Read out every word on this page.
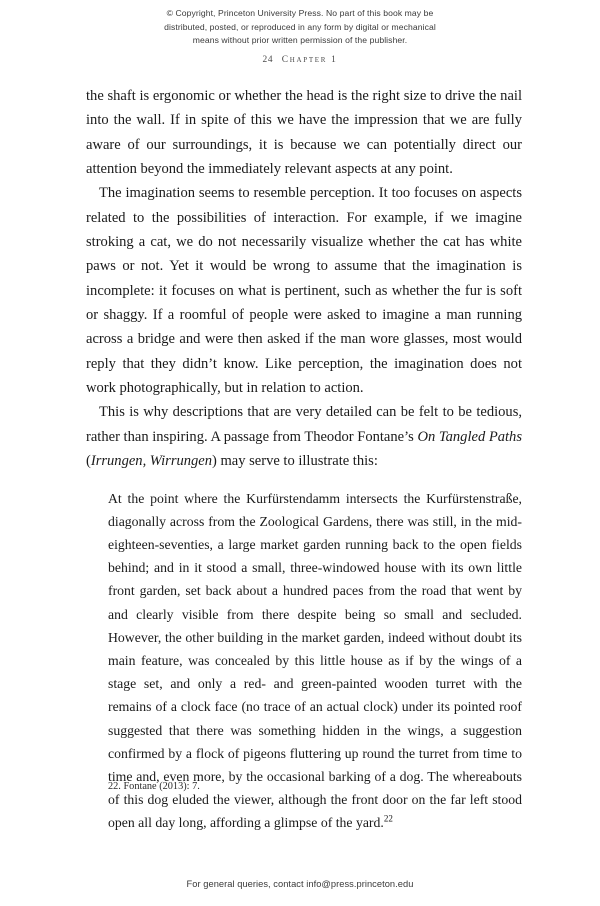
© Copyright, Princeton University Press. No part of this book may be
distributed, posted, or reproduced in any form by digital or mechanical
means without prior written permission of the publisher.
24 Chapter 1

the shaft is ergonomic or whether the head is the right size to drive the nail into the wall. If in spite of this we have the impression that we are fully aware of our surroundings, it is because we can potentially direct our attention beyond the immediately relevant aspects at any point.

The imagination seems to resemble perception. It too focuses on aspects related to the possibilities of interaction. For example, if we imagine stroking a cat, we do not necessarily visualize whether the cat has white paws or not. Yet it would be wrong to assume that the imagination is incomplete: it focuses on what is pertinent, such as whether the fur is soft or shaggy. If a roomful of people were asked to imagine a man running across a bridge and were then asked if the man wore glasses, most would reply that they didn’t know. Like perception, the imagination does not work photographically, but in relation to action.

This is why descriptions that are very detailed can be felt to be tedious, rather than inspiring. A passage from Theodor Fontane’s On Tangled Paths (Irrungen, Wirrungen) may serve to illustrate this:

At the point where the Kurfürstendamm intersects the Kurfürstenstraße, diagonally across from the Zoological Gardens, there was still, in the mid-eighteen-seventies, a large market garden running back to the open fields behind; and in it stood a small, three-windowed house with its own little front garden, set back about a hundred paces from the road that went by and clearly visible from there despite being so small and secluded. However, the other building in the market garden, indeed without doubt its main feature, was concealed by this little house as if by the wings of a stage set, and only a red- and green-painted wooden turret with the remains of a clock face (no trace of an actual clock) under its pointed roof suggested that there was something hidden in the wings, a suggestion confirmed by a flock of pigeons fluttering up round the turret from time to time and, even more, by the occasional barking of a dog. The whereabouts of this dog eluded the viewer, although the front door on the far left stood open all day long, affording a glimpse of the yard.$^{22}$

22. Fontane (2013): 7.
For general queries, contact info@press.princeton.edu
